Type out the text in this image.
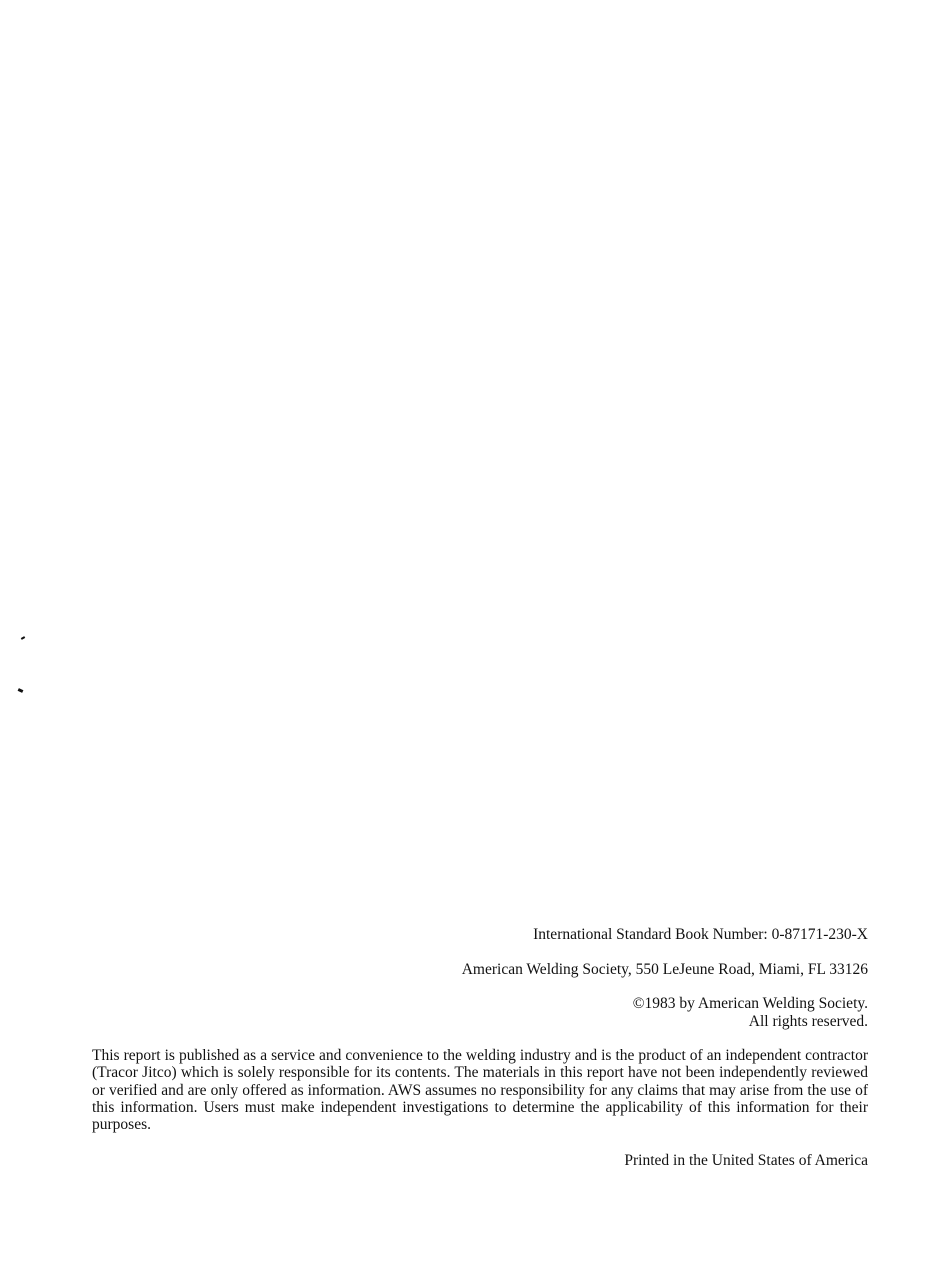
International Standard Book Number: 0-87171-230-X
American Welding Society, 550 LeJeune Road, Miami, FL 33126
©1983 by American Welding Society.
All rights reserved.

This report is published as a service and convenience to the welding industry and is the product of an independent contractor (Tracor Jitco) which is solely responsible for its contents. The materials in this report have not been independently reviewed or verified and are only offered as information. AWS assumes no responsibility for any claims that may arise from the use of this information. Users must make independent investigations to determine the applicability of this information for their purposes.

Printed in the United States of America
